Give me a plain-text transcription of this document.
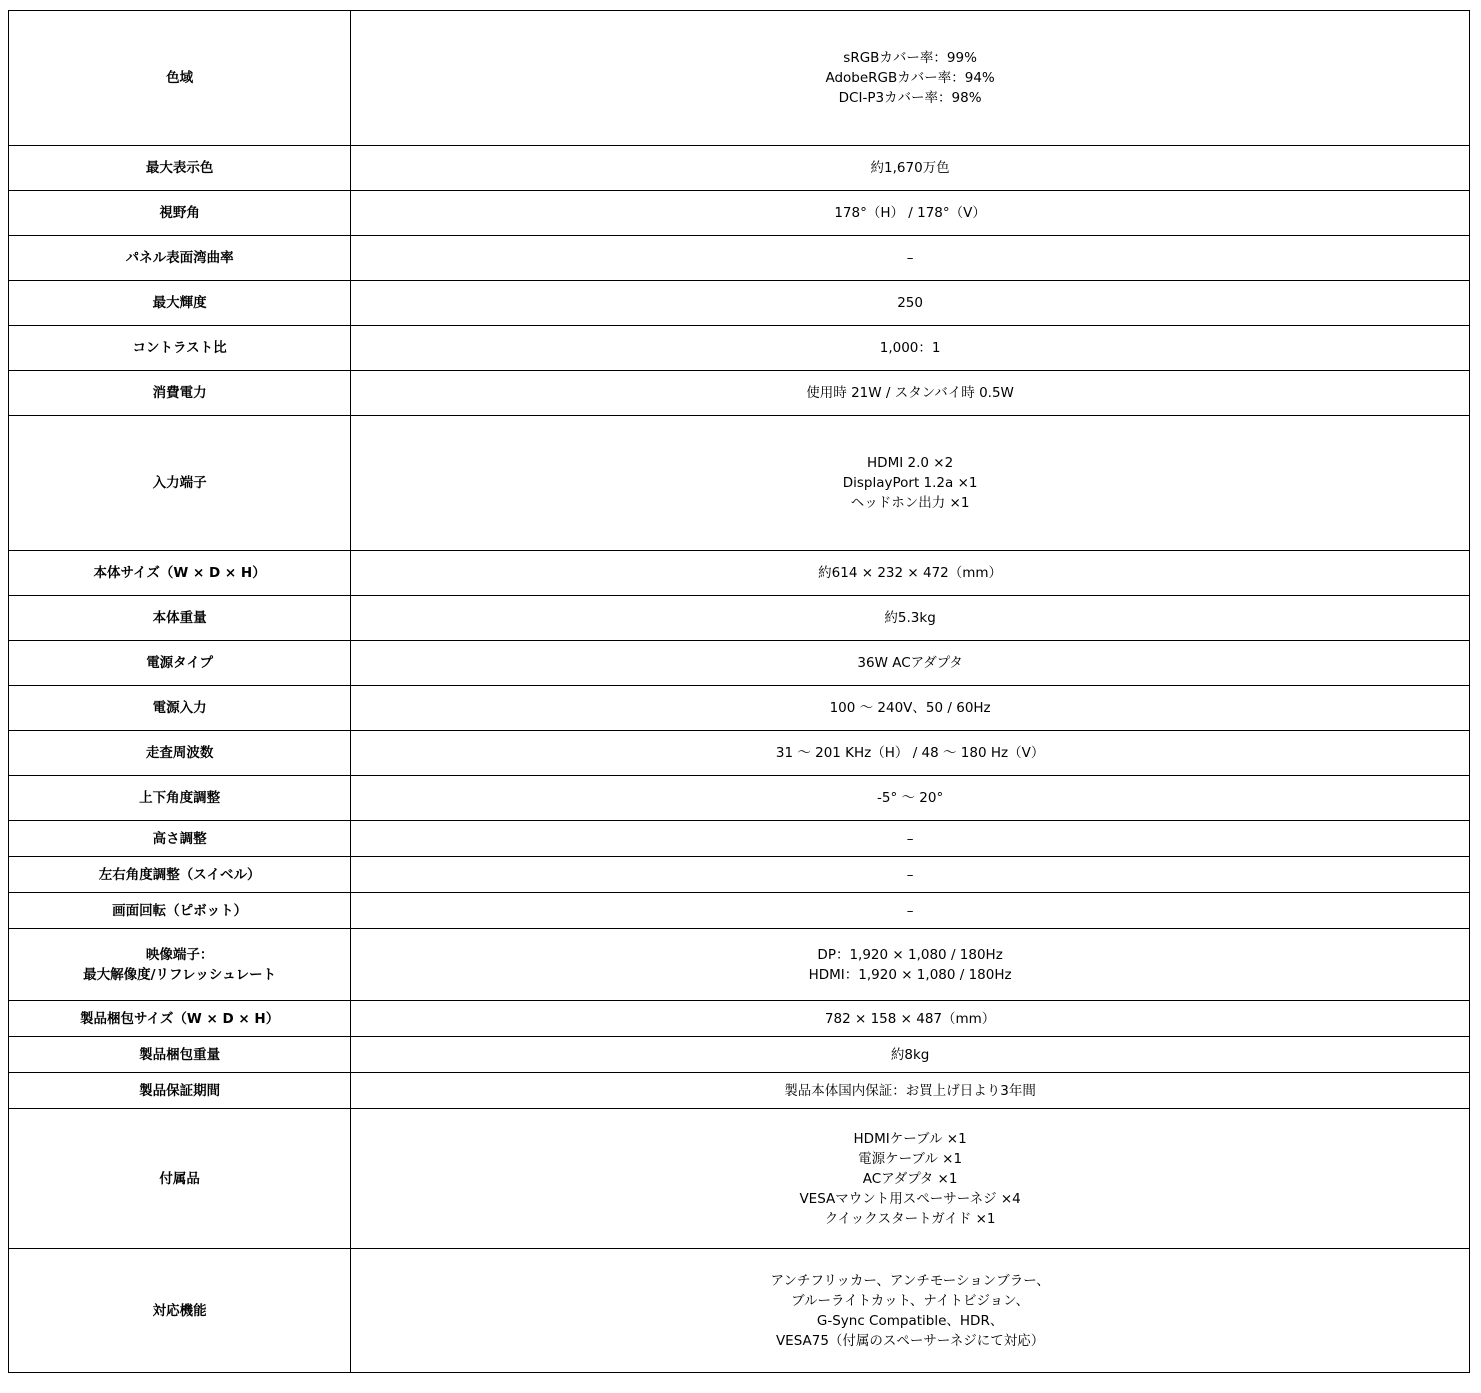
色域	sRGBカバー率：99%
AdobeRGBカバー率：94%
DCI-P3カバー率：98%

最大表示色	約1,670万色

視野角	178°（H） / 178°（V）

パネル表面湾曲率	–

最大輝度	250

コントラスト比	1,000：1

消費電力	使用時 21W / スタンバイ時 0.5W

入力端子	HDMI 2.0 ×2
DisplayPort 1.2a ×1
ヘッドホン出力 ×1

本体サイズ（W × D × H）	約614 × 232 × 472（mm）

本体重量	約5.3kg

電源タイプ	36W ACアダプタ

電源入力	100 ～ 240V、50 / 60Hz

走査周波数	31 ～ 201 KHz（H） / 48 ～ 180 Hz（V）

上下角度調整	-5° ～ 20°

高さ調整	–

左右角度調整（スイベル）	–

画面回転（ピボット）	–

映像端子：
最大解像度/リフレッシュレート	DP：1,920 × 1,080 / 180Hz
HDMI：1,920 × 1,080 / 180Hz

製品梱包サイズ（W × D × H）	782 × 158 × 487（mm）

製品梱包重量	約8kg

製品保証期間	製品本体国内保証：お買上げ日より3年間

付属品	HDMIケーブル ×1
電源ケーブル ×1
ACアダプタ ×1
VESAマウント用スペーサーネジ ×4
クイックスタートガイド ×1

対応機能	アンチフリッカー、アンチモーションブラー、
ブルーライトカット、ナイトビジョン、
G-Sync Compatible、HDR、
VESA75（付属のスペーサーネジにて対応）
